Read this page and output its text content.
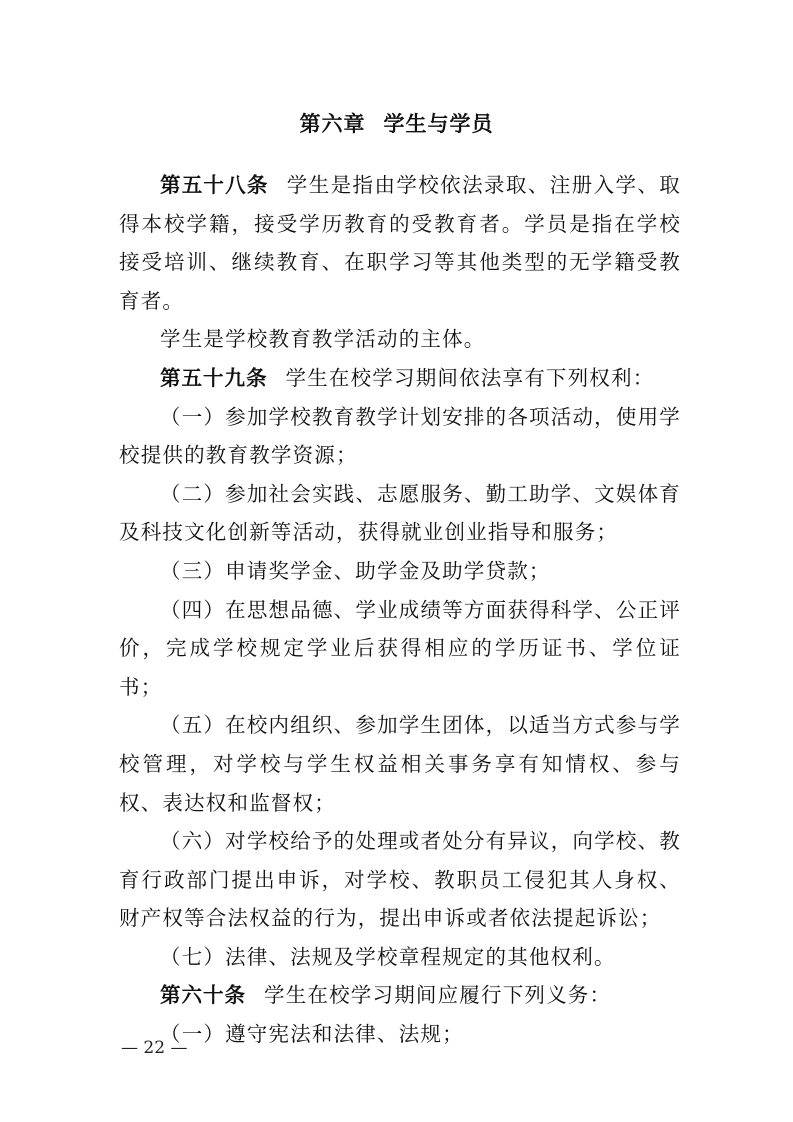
第六章 学生与学员

第五十八条 学生是指由学校依法录取、注册入学、取得本校学籍，接受学历教育的受教育者。学员是指在学校接受培训、继续教育、在职学习等其他类型的无学籍受教育者。

学生是学校教育教学活动的主体。

第五十九条 学生在校学习期间依法享有下列权利：

（一）参加学校教育教学计划安排的各项活动，使用学校提供的教育教学资源；

（二）参加社会实践、志愿服务、勤工助学、文娱体育及科技文化创新等活动，获得就业创业指导和服务；

（三）申请奖学金、助学金及助学贷款；

（四）在思想品德、学业成绩等方面获得科学、公正评价，完成学校规定学业后获得相应的学历证书、学位证书；

（五）在校内组织、参加学生团体，以适当方式参与学校管理，对学校与学生权益相关事务享有知情权、参与权、表达权和监督权；

（六）对学校给予的处理或者处分有异议，向学校、教育行政部门提出申诉，对学校、教职员工侵犯其人身权、财产权等合法权益的行为，提出申诉或者依法提起诉讼；

（七）法律、法规及学校章程规定的其他权利。

第六十条 学生在校学习期间应履行下列义务：

（一）遵守宪法和法律、法规；

— 22 —
